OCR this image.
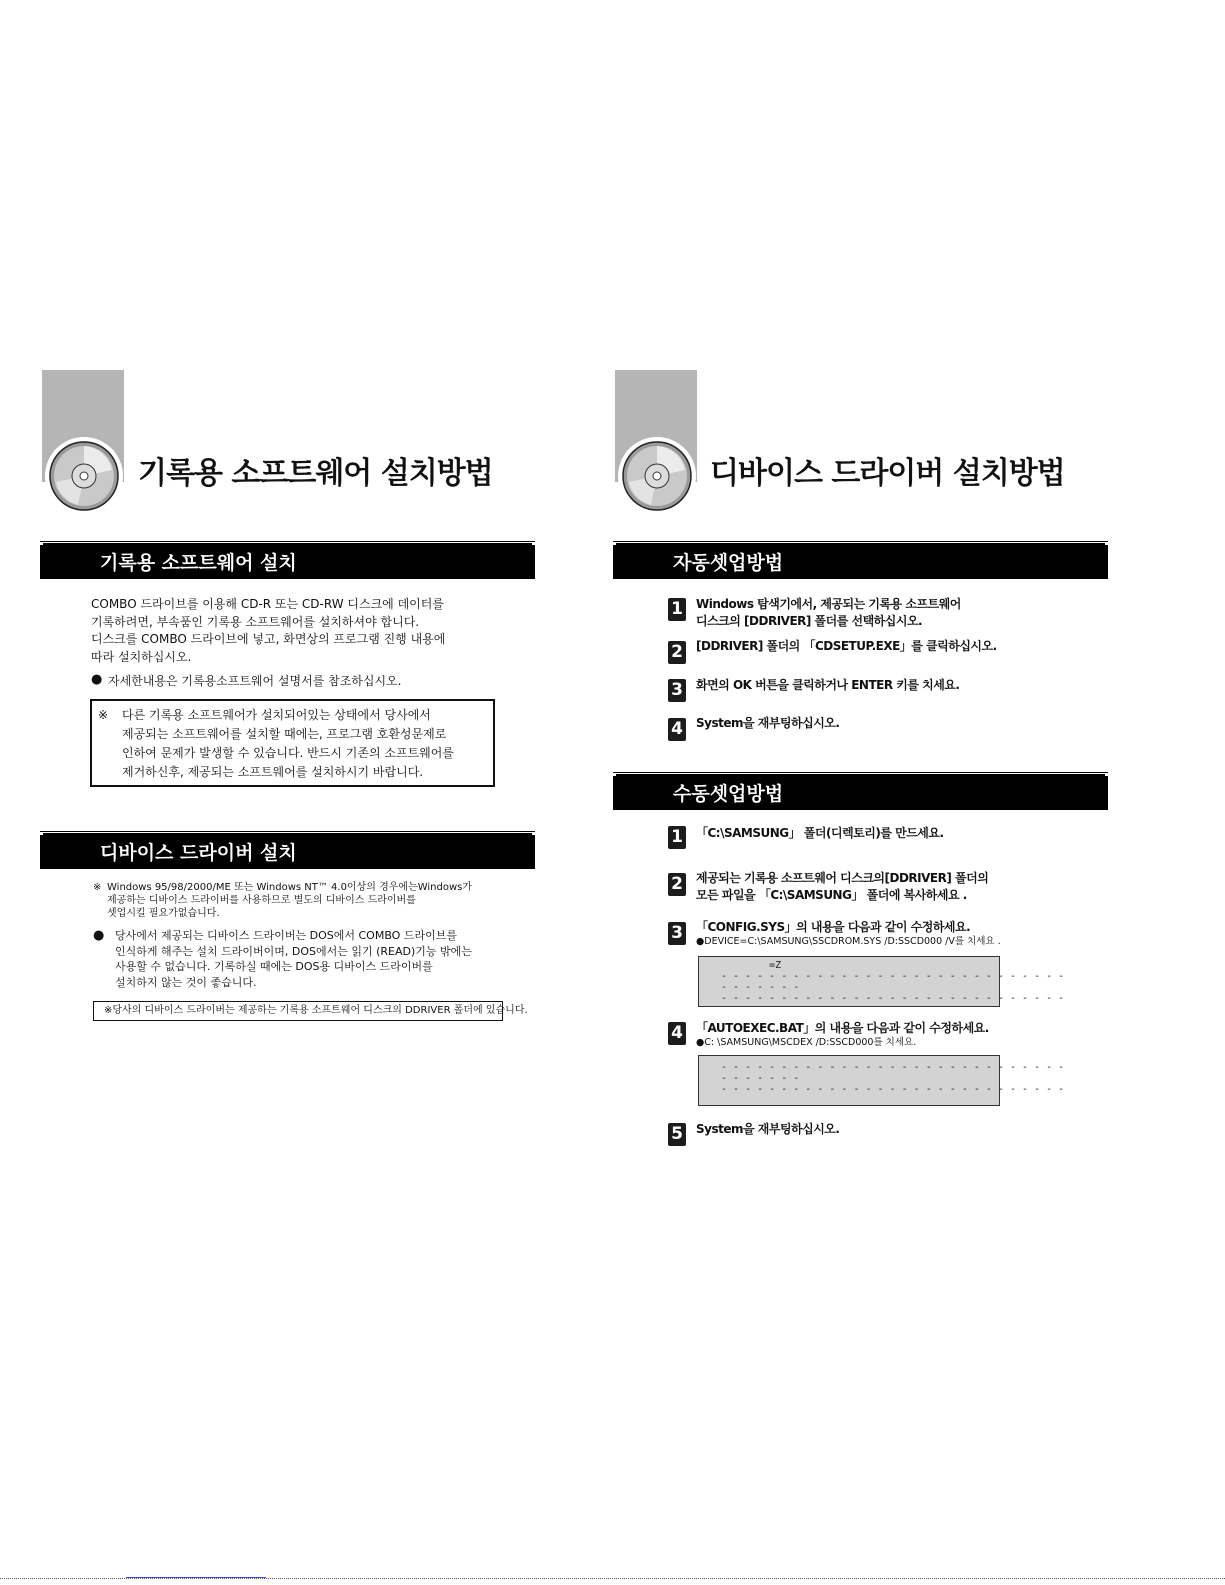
기록용 소프트웨어 설치방법
기록용 소프트웨어 설치
COMBO 드라이브를 이용해 CD-R 또는 CD-RW 디스크에 데이터를
기록하려면, 부속품인 기록용 소프트웨어를 설치하셔야 합니다.
디스크를 COMBO 드라이브에 넣고, 화면상의 프로그램 진행 내용에
따라 설치하십시오.
● 자세한내용은 기록용소프트웨어 설명서를 참조하십시오.
※ 다른 기록용 소프트웨어가 설치되어있는 상태에서 당사에서
제공되는 소프트웨어를 설치할 때에는, 프로그램 호환성문제로
인하여 문제가 발생할 수 있습니다. 반드시 기존의 소프트웨어를
제거하신후, 제공되는 소프트웨어를 설치하시기 바랍니다.
디바이스 드라이버 설치
※ Windows 95/98/2000/ME 또는 Windows NT™ 4.0이상의 경우에는Windows가
제공하는 디바이스 드라이버를 사용하므로 별도의 디바이스 드라이버를
셋업시킬 필요가없습니다.
● 당사에서 제공되는 디바이스 드라이버는 DOS에서 COMBO 드라이브를
인식하게 해주는 설치 드라이버이며, DOS에서는 읽기 (READ)기능 밖에는
사용할 수 없습니다. 기록하실 때에는 DOS용 디바이스 드라이버를
설치하지 않는 것이 좋습니다.
※당사의 디바이스 드라이버는 제공하는 기록용 소프트웨어 디스크의 DDRIVER 폴더에 있습니다.
디바이스 드라이버 설치방법
자동셋업방법
1 Windows 탐색기에서, 제공되는 기록용 소프트웨어
디스크의 [DDRIVER] 폴더를 선택하십시오.
2 [DDRIVER] 폴더의 「CDSETUP.EXE」를 클릭하십시오.
3 화면의 OK 버튼을 클릭하거나 ENTER 키를 치세요.
4 System을 재부팅하십시오.
수동셋업방법
1 「C:\SAMSUNG」 폴더(디렉토리)를 만드세요.
2 제공되는 기록용 소프트웨어 디스크의[DDRIVER] 폴더의
모든 파일을 「C:\SAMSUNG」 폴더에 복사하세요 .
3 「CONFIG.SYS」의 내용을 다음과 같이 수정하세요.
●DEVICE=C:\SAMSUNG\SSCDROM.SYS /D:SSCD000 /V를 치세요 .
=Z
- - - - - - - - - - - - - - - - - - - - - - - - - - - - -
- - - - - - -
- - - - - - - - - - - - - - - - - - - - - - - - - - - - -
4 「AUTOEXEC.BAT」의 내용을 다음과 같이 수정하세요.
●C: \SAMSUNG\MSCDEX /D:SSCD000를 치세요.
- - - - - - - - - - - - - - - - - - - - - - - - - - - - -
- - - - - - -
- - - - - - - - - - - - - - - - - - - - - - - - - - - - -
5 System을 재부팅하십시오.
